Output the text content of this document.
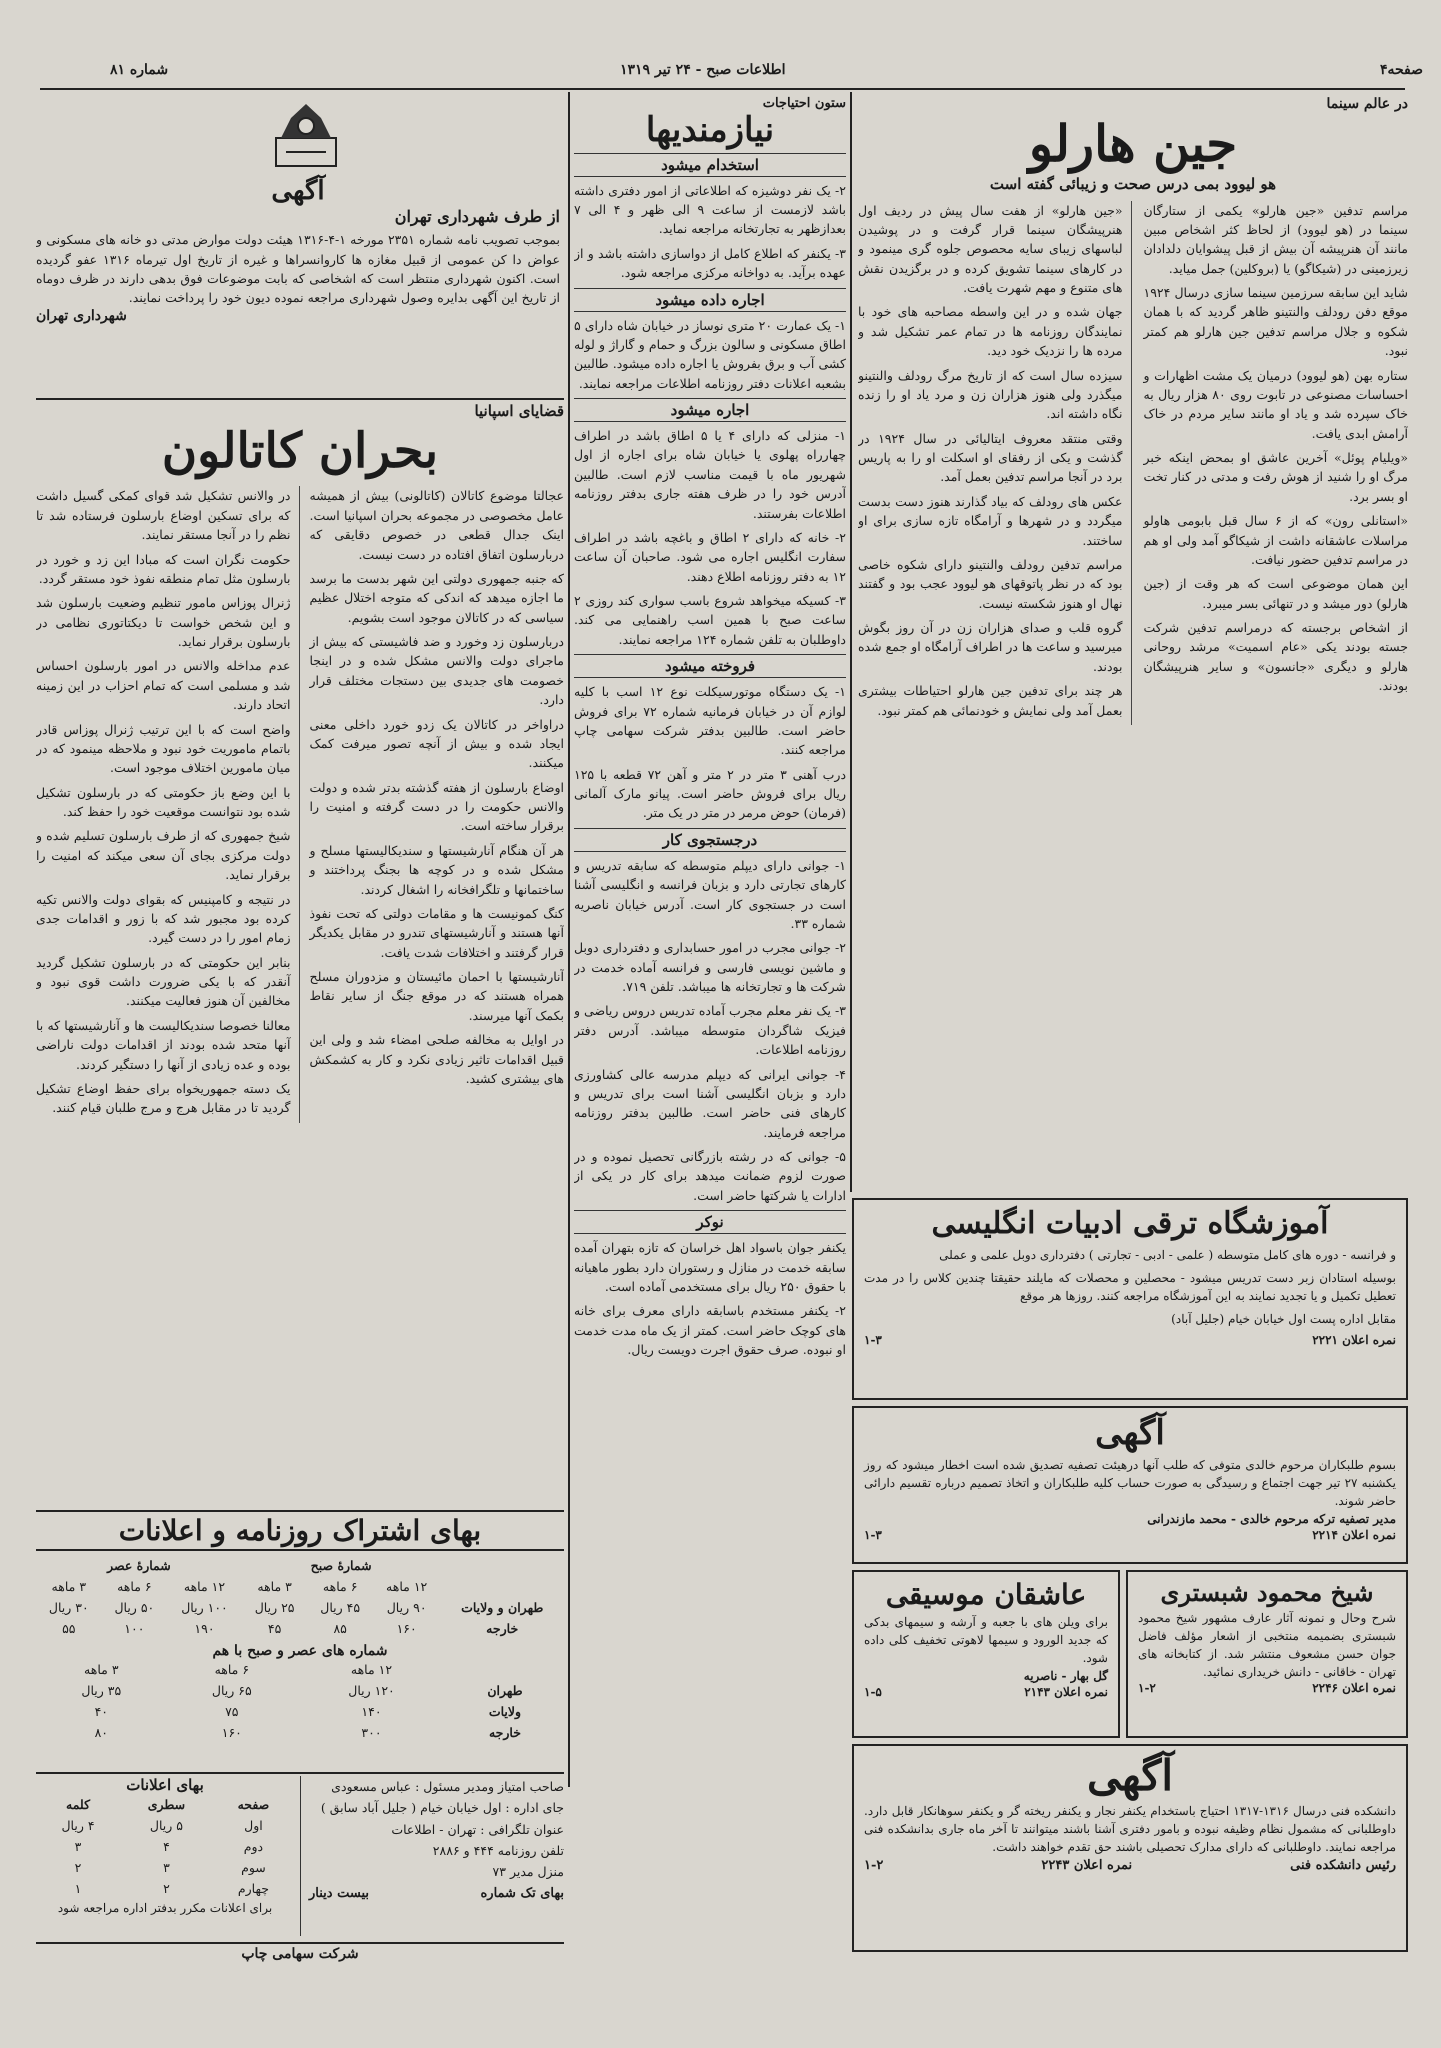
صفحه۴
اطلاعات صبح - ۲۴ تیر ۱۳۱۹
شماره ۸۱
در عالم سینما
جین هارلو
هو لیوود بمی درس صحت و زیبائی گفته است

مراسم تدفین «جین هارلو» یکمی از ستارگان سینما در (هو لیوود) از لحاظ کثر اشخاص مبین مانند آن هنرپیشه آن بیش از قبل پیشوایان دلدادان زیرزمینی در (شیکاگو) یا (بروکلین) جمل میاید.

شاید این سابقه سرزمین سینما سازی درسال ۱۹۲۴ موقع دفن رودلف والنتینو ظاهر گردید که با همان شکوه و جلال مراسم تدفین جین هارلو هم کمتر نبود.

ستاره بهن (هو لیوود) درمیان یک مشت اظهارات و احساسات مصنوعی در تابوت روی ۸۰ هزار ریال به خاک سپرده شد و یاد او مانند سایر مردم در خاک آرامش ابدی یافت.

«ویلیام پوئل» آخرین عاشق او بمحض اینکه خبر مرگ او را شنید از هوش رفت و مدتی در کنار تخت او بسر برد.

«استانلی رون» که از ۶ سال قبل بابومی هاولو مراسلات عاشقانه داشت از شیکاگو آمد ولی او هم در مراسم تدفین حضور نیافت.

این همان موضوعی است که هر وقت از (جین هارلو) دور میشد و در تنهائی بسر میبرد.

از اشخاص برجسته که درمراسم تدفین شرکت جسته بودند یکی «عام اسمیت» مرشد روحانی هارلو و دیگری «جانسون» و سایر هنرپیشگان بودند.

«جین هارلو» از هفت سال پیش در ردیف اول هنرپیشگان سینما قرار گرفت و در پوشیدن لباسهای زیبای سایه محصوص جلوه گری مینمود و در کارهای سینما تشویق کرده و در برگزیدن نقش های متنوع و مهم شهرت یافت.

جهان شده و در این واسطه مصاحبه های خود با نمایندگان روزنامه ها در تمام عمر تشکیل شد و مرده ها را نزدیک خود دید.

سیزده سال است که از تاریخ مرگ رودلف والنتینو میگذرد ولی هنوز هزاران زن و مرد یاد او را زنده نگاه داشته اند.

وقتی منتقد معروف ایتالیائی در سال ۱۹۲۴ در گذشت و یکی از رفقای او اسکلت او را به پاریس برد در آنجا مراسم تدفین بعمل آمد.

عکس های رودلف که بیاد گذارند هنوز دست بدست میگردد و در شهرها و آرامگاه تازه سازی برای او ساختند.

مراسم تدفین رودلف والنتینو دارای شکوه خاصی بود که در نظر پاتوقهای هو لیوود عجب بود و گفتند نهال او هنوز شکسته نیست.

گروه قلب و صدای هزاران زن در آن روز بگوش میرسید و ساعت ها در اطراف آرامگاه او جمع شده بودند.

هر چند برای تدفین جین هارلو احتیاطات بیشتری بعمل آمد ولی نمایش و خودنمائی هم کمتر نبود.

آگهی
از طرف شهرداری تهران
بموجب تصویب نامه شماره ۲۳۵۱ مورخه ۱-۴-۱۳۱۶ هیئت دولت موارض مدتی دو خانه های مسکونی و عواض دا کن عمومی از قبیل مغازه ها کاروانسراها و غیره از تاریخ اول تیرماه ۱۳۱۶ عفو گردیده است. اکنون شهرداری منتظر است که اشخاصی که بابت موضوعات فوق بدهی دارند در ظرف دوماه از تاریخ این آگهی بدایره وصول شهرداری مراجعه نموده دیون خود را پرداخت نمایند.
شهرداری تهران
قضایای اسپانیا
بحران کاتالون

عجالتا موضوع کاتالان (کاتالونی) بیش از همیشه عامل مخصوصی در مجموعه بحران اسپانیا است. اینک جدال قطعی در خصوص دقایقی که دربارسلون اتفاق افتاده در دست نیست.

که جنبه جمهوری دولتی این شهر بدست ما برسد ما اجازه میدهد که اندکی که متوجه اختلال عظیم سیاسی که در کاتالان موجود است بشویم.

دربارسلون زد وخورد و ضد فاشیستی که بیش از ماجرای دولت والانس مشکل شده و در اینجا خصومت های جدیدی بین دستجات مختلف قرار دارد.

دراواخر در کاتالان یک زدو خورد داخلی معنی ایجاد شده و بیش از آنچه تصور میرفت کمک میکنند.

اوضاع بارسلون از هفته گذشته بدتر شده و دولت والانس حکومت را در دست گرفته و امنیت را برقرار ساخته است.

هر آن هنگام آنارشیستها و سندیکالیستها مسلح و مشکل شده و در کوچه ها بجنگ پرداختند و ساختمانها و تلگرافخانه را اشغال کردند.

کنگ کمونیست ها و مقامات دولتی که تحت نفوذ آنها هستند و آنارشیستهای تندرو در مقابل یکدیگر قرار گرفتند و اختلافات شدت یافت.

آنارشیستها با احمان مائیستان و مزدوران مسلح همراه هستند که در موقع جنگ از سایر نقاط بکمک آنها میرسند.

در اوایل به مخالفه صلحی امضاء شد و ولی این قبیل اقدامات تاثیر زیادی نکرد و کار به کشمکش های بیشتری کشید.

در والانس تشکیل شد قوای کمکی گسیل داشت که برای تسکین اوضاع بارسلون فرستاده شد تا نظم را در آنجا مستقر نمایند.

حکومت نگران است که مبادا این زد و خورد در بارسلون مثل تمام منطقه نفوذ خود مستقر گردد.

ژنرال پوزاس مامور تنظیم وضعیت بارسلون شد و این شخص خواست تا دیکتاتوری نظامی در بارسلون برقرار نماید.

عدم مداخله والانس در امور بارسلون احساس شد و مسلمی است که تمام احزاب در این زمینه اتحاد دارند.

واضح است که با این ترتیب ژنرال پوزاس قادر باتمام ماموریت خود نبود و ملاحظه مینمود که در میان مامورین اختلاف موجود است.

با این وضع باز حکومتی که در بارسلون تشکیل شده بود نتوانست موقعیت خود را حفظ کند.

شیخ جمهوری که از طرف بارسلون تسلیم شده و دولت مرکزی بجای آن سعی میکند که امنیت را برقرار نماید.

در نتیجه و کامپنیس که بقوای دولت والانس تکیه کرده بود مجبور شد که با زور و اقدامات جدی زمام امور را در دست گیرد.

بنابر این حکومتی که در بارسلون تشکیل گردید آنقدر که با یکی ضرورت داشت قوی نبود و مخالفین آن هنوز فعالیت میکنند.

معالنا خصوصا سندیکالیست ها و آنارشیستها که با آنها متحد شده بودند از اقدامات دولت ناراضی بوده و عده زیادی از آنها را دستگیر کردند.

یک دسته جمهوریخواه برای حفظ اوضاع تشکیل گردید تا در مقابل هرج و مرج طلبان قیام کنند.

ستون احتیاجات
نیازمندیها
استخدام میشود

۲- یک نفر دوشیزه که اطلاعاتی از امور دفتری داشته باشد لازمست از ساعت ۹ الی ظهر و ۴ الی ۷ بعدازظهر به تجارتخانه مراجعه نماید.

۳- یکنفر که اطلاع کامل از دواسازی داشته باشد و از عهده برآید. به دواخانه مرکزی مراجعه شود.

اجاره داده میشود

۱- یک عمارت ۲۰ متری نوساز در خیابان شاه دارای ۵ اطاق مسکونی و سالون بزرگ و حمام و گاراژ و لوله کشی آب و برق بفروش یا اجاره داده میشود. طالبین بشعبه اعلانات دفتر روزنامه اطلاعات مراجعه نمایند.

اجاره میشود

۱- منزلی که دارای ۴ یا ۵ اطاق باشد در اطراف چهارراه پهلوی یا خیابان شاه برای اجاره از اول شهریور ماه با قیمت مناسب لازم است. طالبین آدرس خود را در ظرف هفته جاری بدفتر روزنامه اطلاعات بفرستند.

۲- خانه که دارای ۲ اطاق و باغچه باشد در اطراف سفارت انگلیس اجاره می شود. صاحبان آن ساعت ۱۲ به دفتر روزنامه اطلاع دهند.

۳- کسیکه میخواهد شروع باسب سواری کند روزی ۲ ساعت صبح با همین اسب راهنمایی می کند. داوطلبان به تلفن شماره ۱۲۴ مراجعه نمایند.

فروخته میشود

۱- یک دستگاه موتورسیکلت نوع ۱۲ اسب با کلیه لوازم آن در خیابان فرمانیه شماره ۷۲ برای فروش حاضر است. طالبین بدفتر شرکت سهامی چاپ مراجعه کنند.

درب آهنی ۳ متر در ۲ متر و آهن ۷۲ قطعه با ۱۲۵ ریال برای فروش حاضر است. پیانو مارک آلمانی (فرمان) حوض مرمر در متر در یک متر.

درجستجوی کار

۱- جوانی دارای دیپلم متوسطه که سابقه تدریس و کارهای تجارتی دارد و بزبان فرانسه و انگلیسی آشنا است در جستجوی کار است. آدرس خیابان ناصریه شماره ۳۳.

۲- جوانی مجرب در امور حسابداری و دفترداری دوبل و ماشین نویسی فارسی و فرانسه آماده خدمت در شرکت ها و تجارتخانه ها میباشد. تلفن ۷۱۹.

۳- یک نفر معلم مجرب آماده تدریس دروس ریاضی و فیزیک شاگردان متوسطه میباشد. آدرس دفتر روزنامه اطلاعات.

۴- جوانی ایرانی که دیپلم مدرسه عالی کشاورزی دارد و بزبان انگلیسی آشنا است برای تدریس و کارهای فنی حاضر است. طالبین بدفتر روزنامه مراجعه فرمایند.

۵- جوانی که در رشته بازرگانی تحصیل نموده و در صورت لزوم ضمانت میدهد برای کار در یکی از ادارات یا شرکتها حاضر است.

نوکر

یکنفر جوان باسواد اهل خراسان که تازه بتهران آمده سابقه خدمت در منازل و رستوران دارد بطور ماهیانه با حقوق ۲۵۰ ریال برای مستخدمی آماده است.

۲- یکنفر مستخدم باسابقه دارای معرف برای خانه های کوچک حاضر است. کمتر از یک ماه مدت خدمت او نبوده. صرف حقوق اجرت دویست ریال.

آموزشگاه ترقی ادبیات انگلیسی

و فرانسه - دوره های کامل متوسطه ( علمی - ادبی - تجارتی ) دفترداری دوبل علمی و عملی

بوسیله استادان زبر دست تدریس میشود - محصلین و محصلات که مایلند حقیقتا چندین کلاس را در مدت تعطیل تکمیل و یا تجدید نمایند به این آموزشگاه مراجعه کنند. روزها هر موقع

مقابل اداره پست اول خیابان خیام (جلیل آباد)

نمره اعلان ۲۲۲۱
۱-۳
آگهی
بسوم طلبکاران مرحوم خالدی متوفی که طلب آنها درهیئت تصفیه تصدیق شده است اخطار میشود که روز یکشنبه ۲۷ تیر جهت اجتماع و رسیدگی به صورت حساب کلیه طلبکاران و اتخاذ تصمیم درباره تقسیم دارائی حاضر شوند.
مدیر تصفیه ترکه مرحوم خالدی - محمد مازندرانی
نمره اعلان ۲۲۱۴
۱-۳
شیخ محمود شبستری
شرح وحال و نمونه آثار عارف مشهور شیخ محمود شبستری بضمیمه منتخبی از اشعار مؤلف فاضل جوان حسن مشعوف منتشر شد. از کتابخانه های تهران - خاقانی - دانش خریداری نمائید.
نمره اعلان ۲۲۴۶
۱-۲
عاشقان موسیقی
برای ویلن های با جعبه و آرشه و سیمهای بدکی که جدید الورود و سیمها لاهوتی تخفیف کلی داده شود.
گل بهار - ناصریه
نمره اعلان ۲۱۴۳
۱-۵
آگهی
دانشکده فنی درسال ۱۳۱۶-۱۳۱۷ احتیاج باستخدام یکنفر نجار و یکنفر ریخته گر و یکنفر سوهانکار قابل دارد. داوطلبانی که مشمول نظام وظیفه نبوده و بامور دفتری آشنا باشند میتوانند تا آخر ماه جاری بدانشکده فنی مراجعه نمایند. داوطلبانی که دارای مدارک تحصیلی باشند حق تقدم خواهند داشت.
رئیس دانشکده فنی
نمره اعلان ۲۲۴۳
۱-۲
بهای اشتراک روزنامه و اعلانات
	شمارهٔ صبح			شمارهٔ عصر		
	۱۲ ماهه	۶ ماهه	۳ ماهه	۱۲ ماهه	۶ ماهه	۳ ماهه
طهران و ولایات	۹۰ ریال	۴۵ ریال	۲۵ ریال	۱۰۰ ریال	۵۰ ریال	۳۰ ریال
خارجه	۱۶۰	۸۵	۴۵	۱۹۰	۱۰۰	۵۵
شماره های عصر و صبح با هم
	۱۲ ماهه	۶ ماهه	۳ ماهه
طهران	۱۲۰ ریال	۶۵ ریال	۳۵ ریال
ولایات	۱۴۰	۷۵	۴۰
خارجه	۳۰۰	۱۶۰	۸۰
صاحب امتیاز ومدیر مسئول : عباس مسعودی
جای اداره : اول خیابان خیام ( جلیل آباد سابق )
عنوان تلگرافی : تهران - اطلاعات
تلفن روزنامه ۴۴۴ و ۲۸۸۶
منزل مدیر ۷۳
بهای تک شماره
بیست دینار
بهای اعلانات
صفحه	سطری	کلمه
اول	۵ ریال	۴ ریال
دوم	۴	۳
سوم	۳	۲
چهارم	۲	۱
برای اعلانات مکرر بدفتر اداره مراجعه شود
شرکت سهامی چاپ
